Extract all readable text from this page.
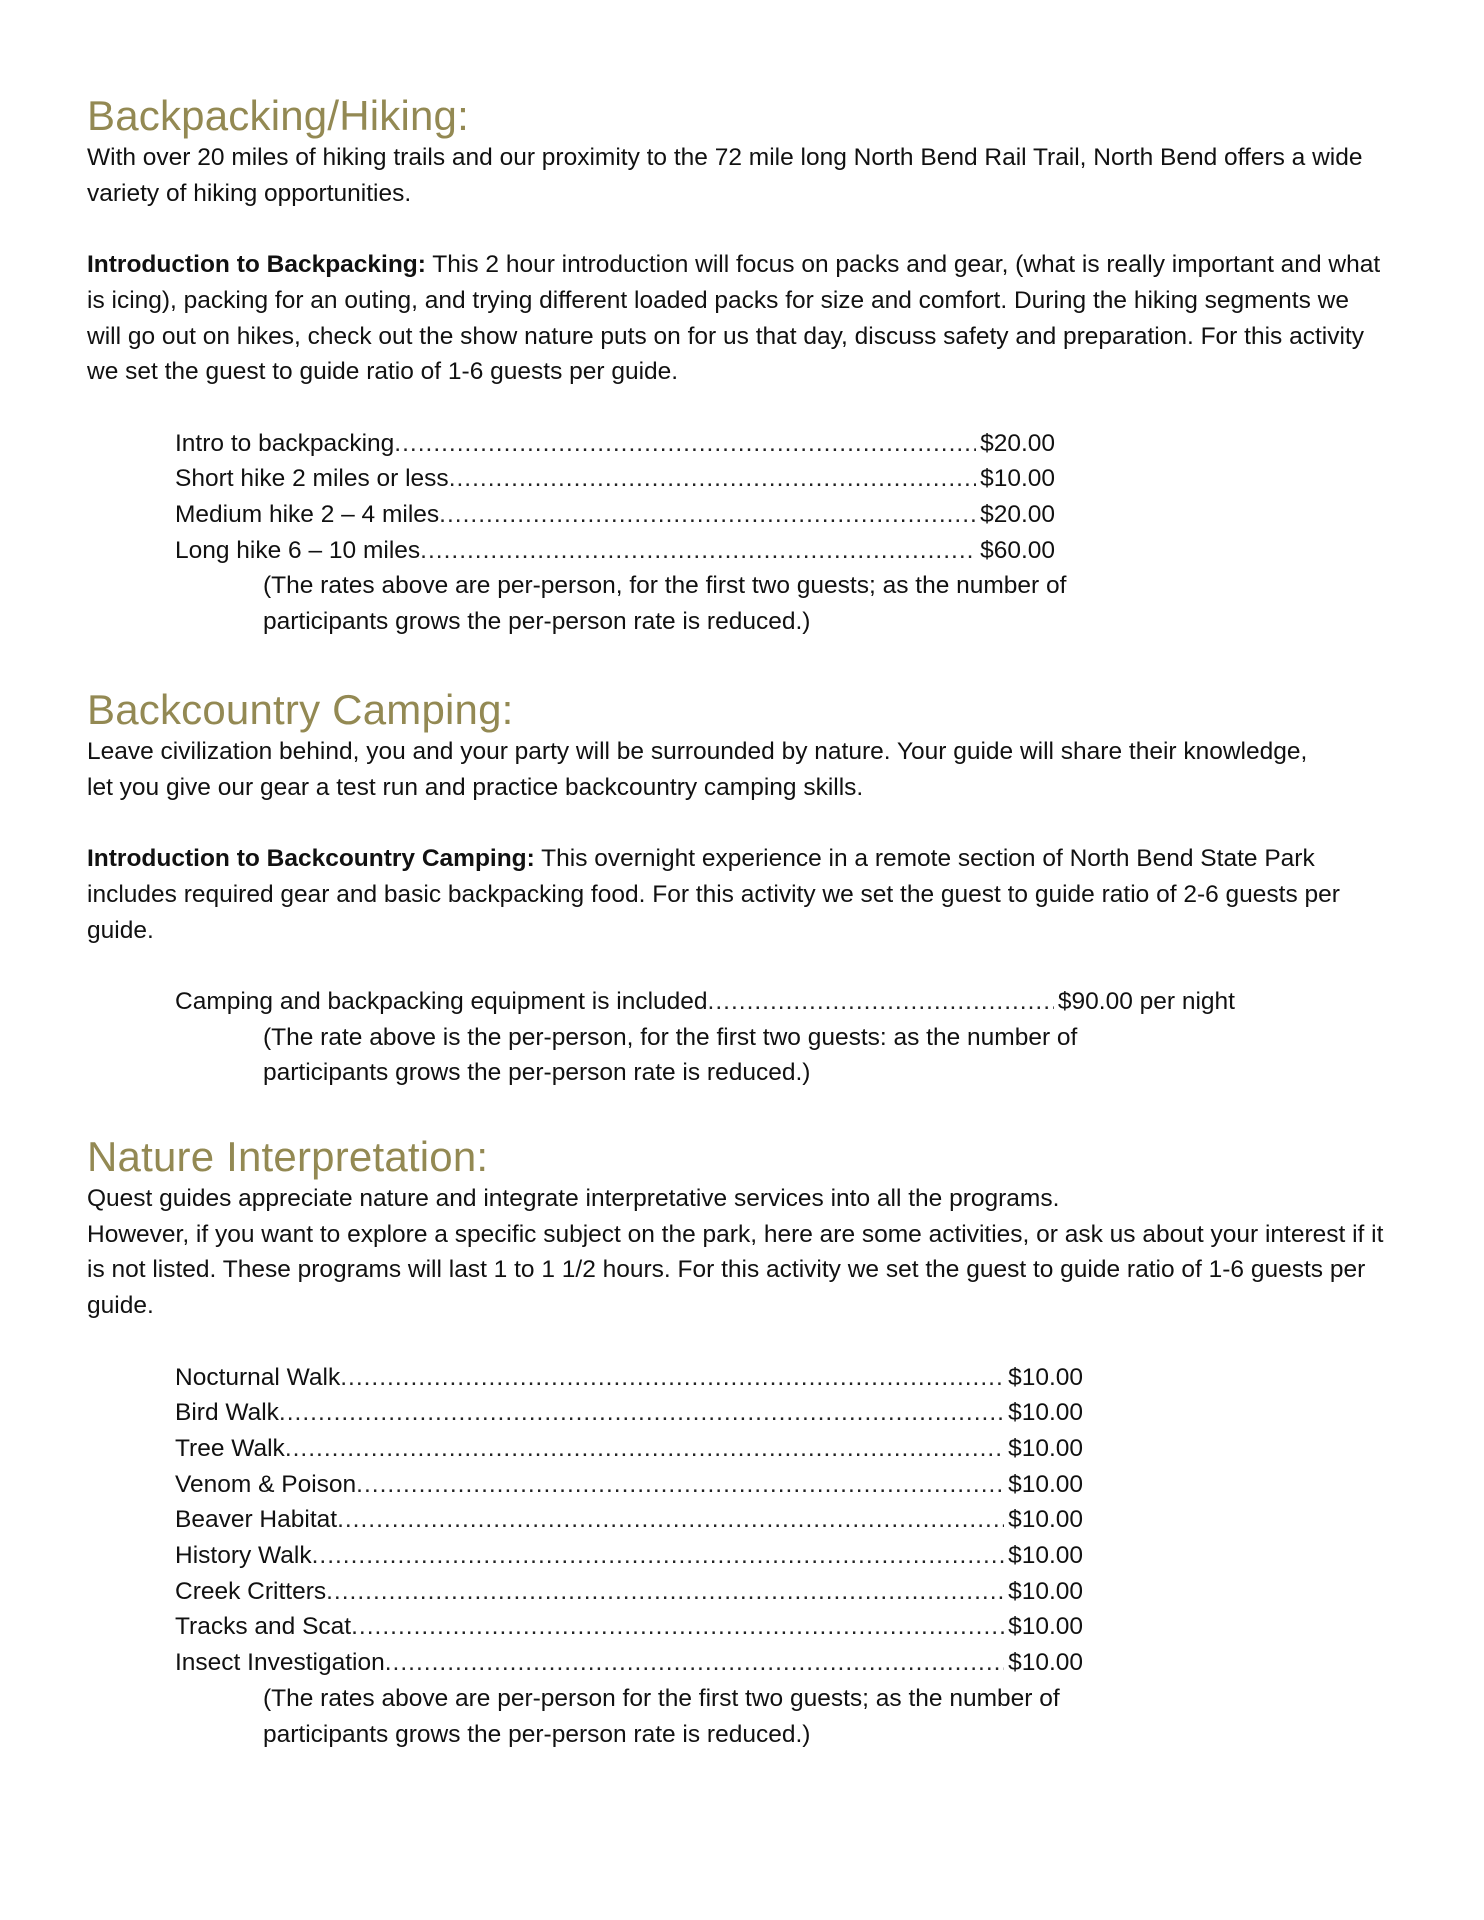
Backpacking/Hiking:

With over 20 miles of hiking trails and our proximity to the 72 mile long North Bend Rail Trail, North Bend offers a wide variety of hiking opportunities.

Introduction to Backpacking: This 2 hour introduction will focus on packs and gear, (what is really important and what is icing), packing for an outing, and trying different loaded packs for size and comfort. During the hiking segments we will go out on hikes, check out the show nature puts on for us that day, discuss safety and preparation. For this activity we set the guest to guide ratio of 1-6 guests per guide.

Intro to backpacking .....	$20.00
Short hike 2 miles or less .....	$10.00
Medium hike 2 – 4 miles .....	$20.00
Long hike 6 – 10 miles .....	$60.00
(The rates above are per-person, for the first two guests; as the number of
participants grows the per-person rate is reduced.)
Backcountry Camping:

Leave civilization behind, you and your party will be surrounded by nature. Your guide will share their knowledge, let you give our gear a test run and practice backcountry camping skills.

Introduction to Backcountry Camping: This overnight experience in a remote section of North Bend State Park includes required gear and basic backpacking food. For this activity we set the guest to guide ratio of 2-6 guests per guide.

Camping and backpacking equipment is included .....	$90.00 per night
(The rate above is the per-person, for the first two guests: as the number of
participants grows the per-person rate is reduced.)
Nature Interpretation:

Quest guides appreciate nature and integrate interpretative services into all the programs.

However, if you want to explore a specific subject on the park, here are some activities, or ask us about your interest if it is not listed. These programs will last 1 to 1 1/2 hours. For this activity we set the guest to guide ratio of 1-6 guests per guide.

Nocturnal Walk .....	$10.00
Bird Walk .....	$10.00
Tree Walk .....	$10.00
Venom & Poison .....	$10.00
Beaver Habitat .....	$10.00
History Walk .....	$10.00
Creek Critters .....	$10.00
Tracks and Scat .....	$10.00
Insect Investigation .....	$10.00
(The rates above are per-person for the first two guests; as the number of
participants grows the per-person rate is reduced.)
